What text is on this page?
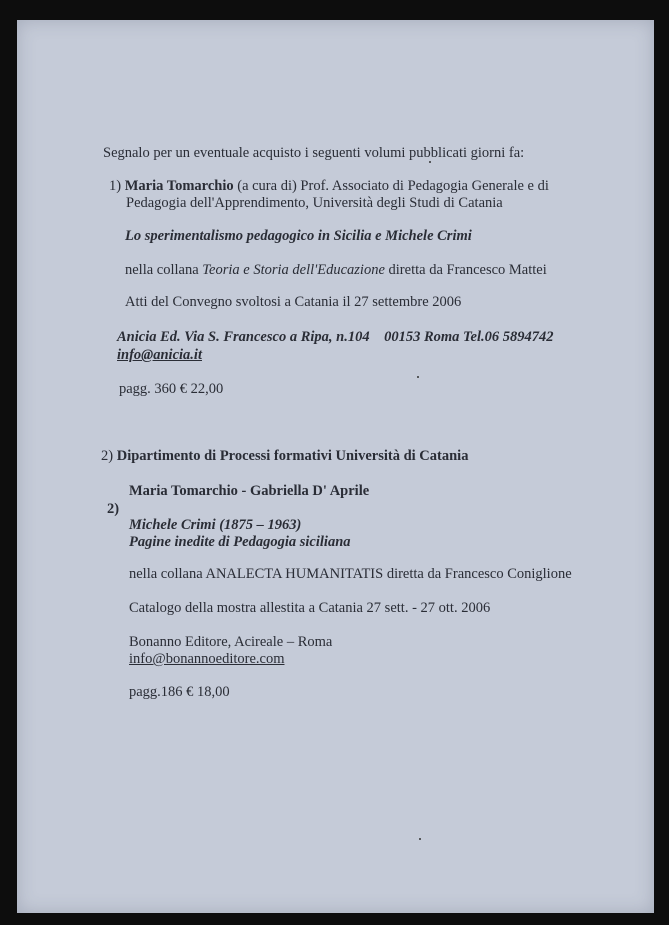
Segnalo per un eventuale acquisto i seguenti volumi pubblicati giorni fa:
1) Maria Tomarchio (a cura di) Prof. Associato di Pedagogia Generale e di
Pedagogia dell'Apprendimento, Università degli Studi di Catania
Lo sperimentalismo pedagogico in Sicilia e Michele Crimi
nella collana Teoria e Storia dell'Educazione diretta da Francesco Mattei
Atti del Convegno svoltosi a Catania il 27 settembre 2006
Anicia Ed. Via S. Francesco a Ripa, n.104    00153 Roma Tel.06 5894742
info@anicia.it
pagg. 360 € 22,00
2) Dipartimento di Processi formativi Università di Catania
Maria Tomarchio - Gabriella D' Aprile
2)
Michele Crimi (1875 – 1963)
Pagine inedite di Pedagogia siciliana
nella collana ANALECTA HUMANITATIS diretta da Francesco Coniglione
Catalogo della mostra allestita a Catania 27 sett. - 27 ott. 2006
Bonanno Editore, Acireale – Roma
info@bonannoeditore.com
pagg.186 € 18,00
